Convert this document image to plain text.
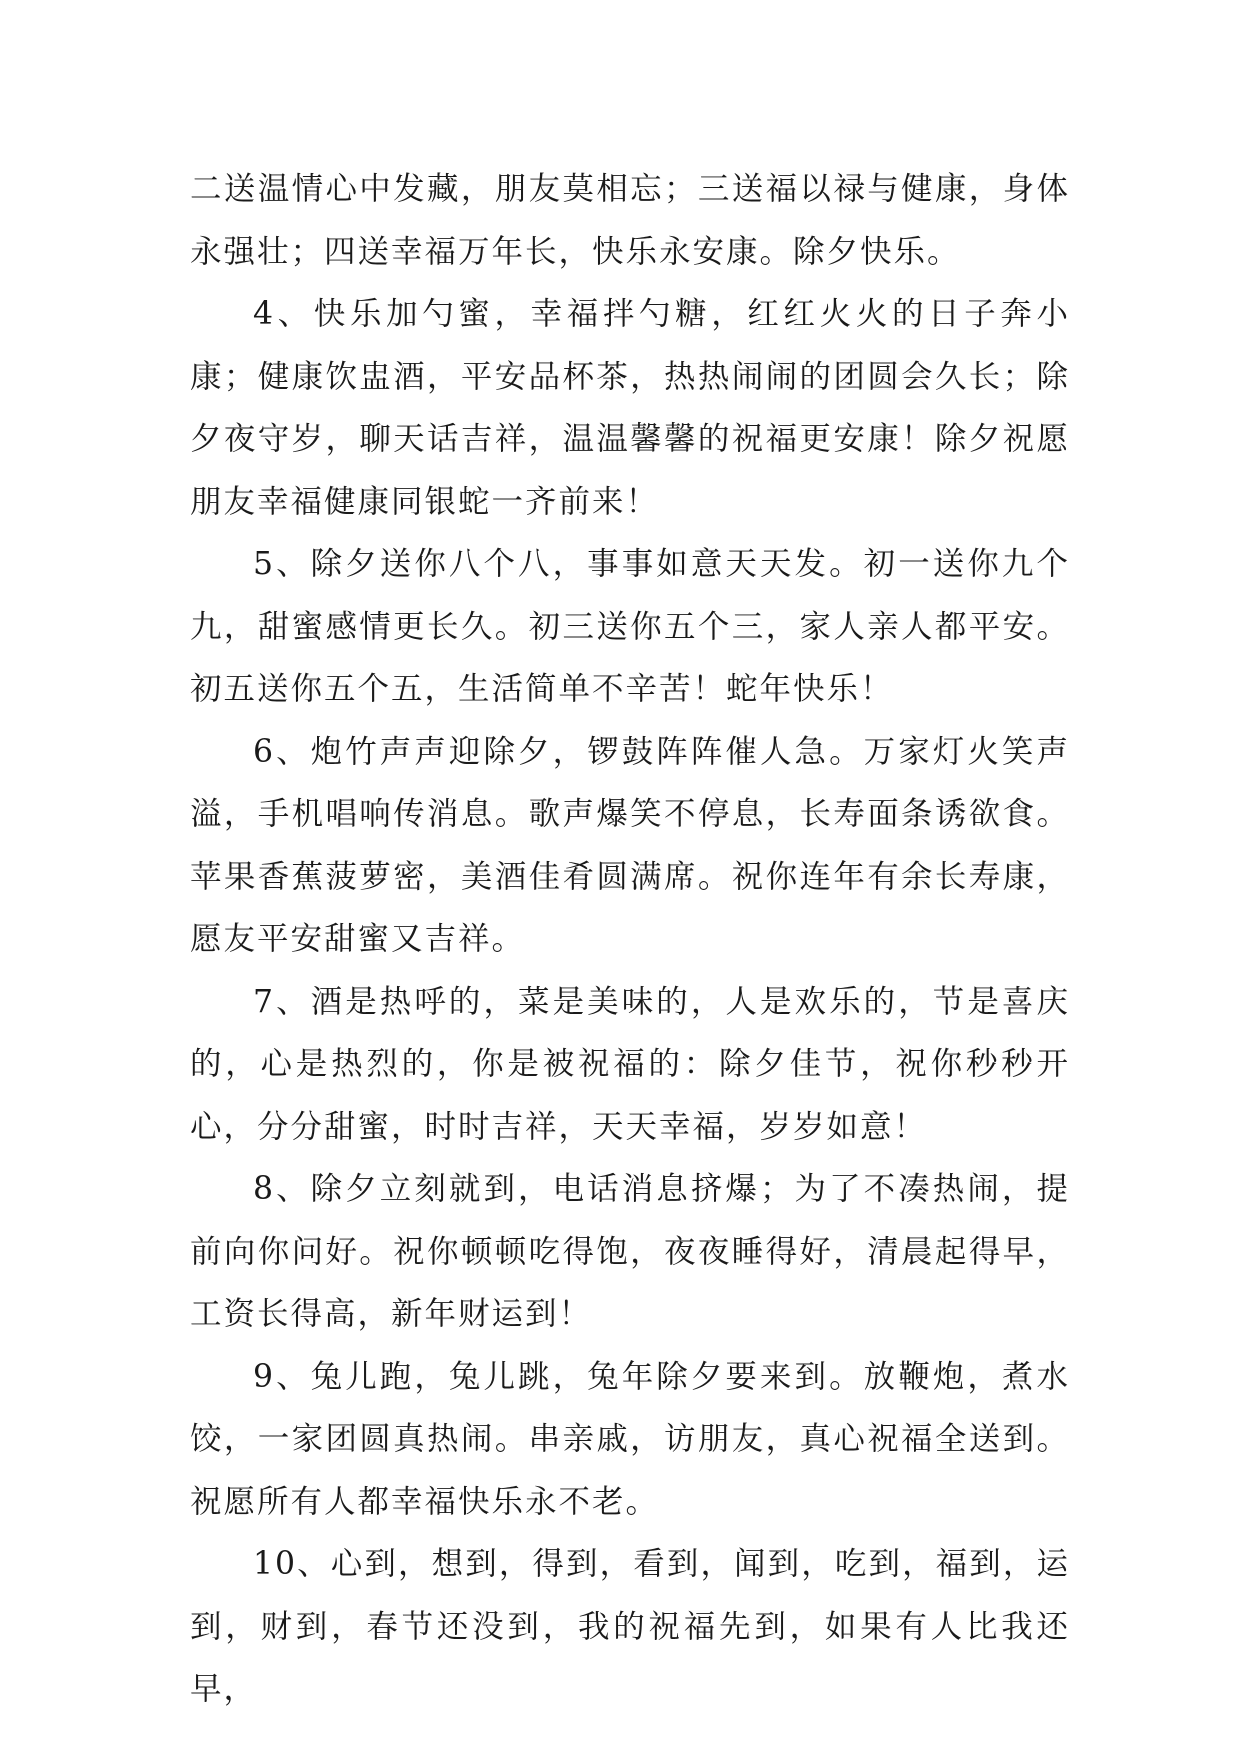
二送温情心中发藏，朋友莫相忘；三送福以禄与健康，身体永强壮；四送幸福万年长，快乐永安康。除夕快乐。

4、快乐加勺蜜，幸福拌勺糖，红红火火的日子奔小康；健康饮盅酒，平安品杯茶，热热闹闹的团圆会久长；除夕夜守岁，聊天话吉祥，温温馨馨的祝福更安康！除夕祝愿朋友幸福健康同银蛇一齐前来！

5、除夕送你八个八，事事如意天天发。初一送你九个九，甜蜜感情更长久。初三送你五个三，家人亲人都平安。初五送你五个五，生活简单不辛苦！蛇年快乐！

6、炮竹声声迎除夕，锣鼓阵阵催人急。万家灯火笑声溢，手机唱响传消息。歌声爆笑不停息，长寿面条诱欲食。苹果香蕉菠萝密，美酒佳肴圆满席。祝你连年有余长寿康，愿友平安甜蜜又吉祥。

7、酒是热呼的，菜是美味的，人是欢乐的，节是喜庆的，心是热烈的，你是被祝福的：除夕佳节，祝你秒秒开心，分分甜蜜，时时吉祥，天天幸福，岁岁如意！

8、除夕立刻就到，电话消息挤爆；为了不凑热闹，提前向你问好。祝你顿顿吃得饱，夜夜睡得好，清晨起得早，工资长得高，新年财运到！

9、兔儿跑，兔儿跳，兔年除夕要来到。放鞭炮，煮水饺，一家团圆真热闹。串亲戚，访朋友，真心祝福全送到。祝愿所有人都幸福快乐永不老。

10、心到，想到，得到，看到，闻到，吃到，福到，运到，财到，春节还没到，我的祝福先到，如果有人比我还早，
